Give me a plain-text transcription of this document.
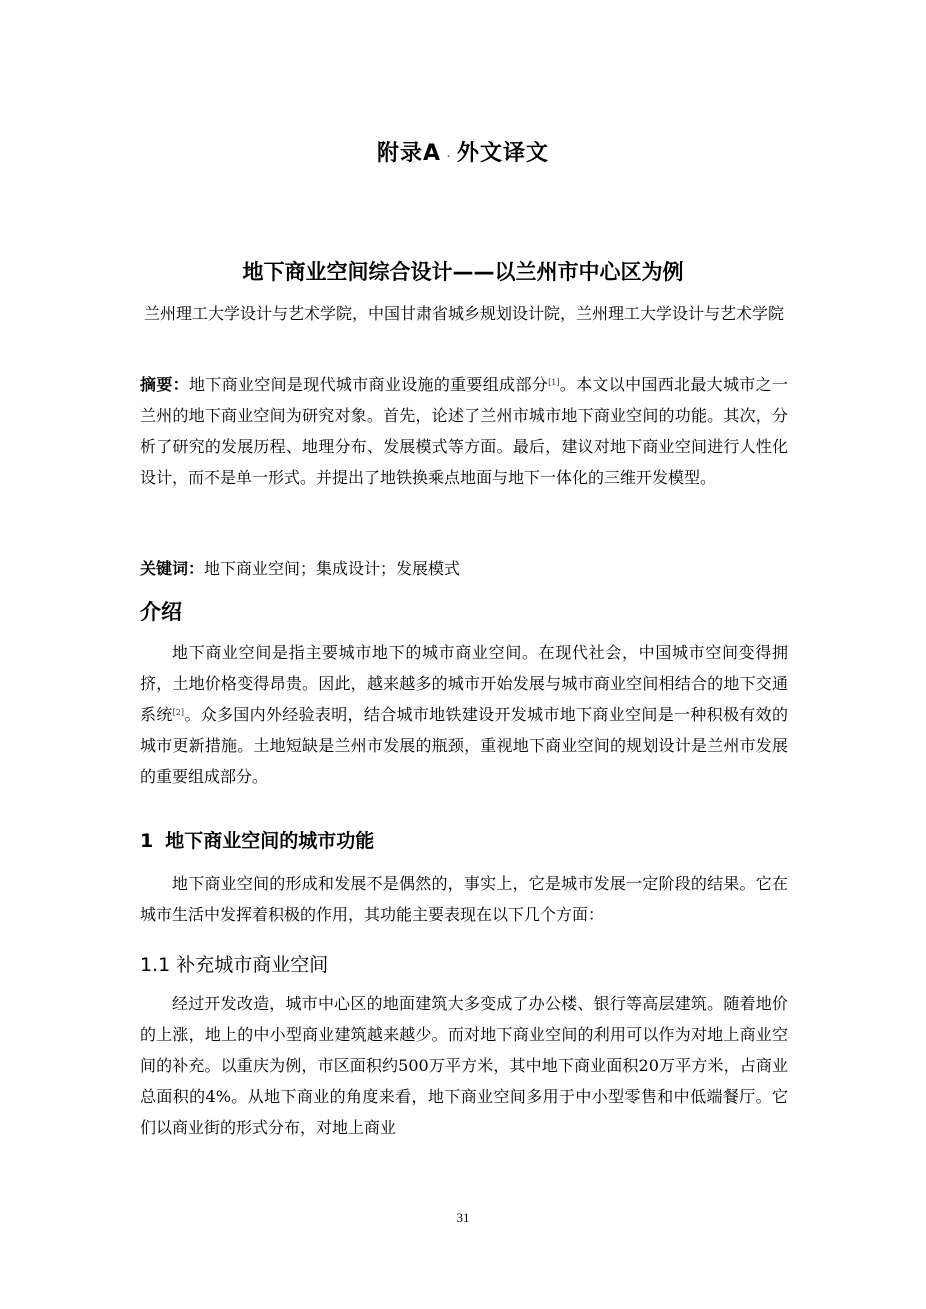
附录A . 外文译文
地下商业空间综合设计——以兰州市中心区为例
兰州理工大学设计与艺术学院，中国甘肃省城乡规划设计院，兰州理工大学设计与艺术学院
摘要：地下商业空间是现代城市商业设施的重要组成部分[1]。本文以中国西北最大城市之一兰州的地下商业空间为研究对象。首先，论述了兰州市城市地下商业空间的功能。其次，分析了研究的发展历程、地理分布、发展模式等方面。最后，建议对地下商业空间进行人性化设计，而不是单一形式。并提出了地铁换乘点地面与地下一体化的三维开发模型。
关键词：地下商业空间；集成设计；发展模式
介绍
地下商业空间是指主要城市地下的城市商业空间。在现代社会，中国城市空间变得拥挤，土地价格变得昂贵。因此，越来越多的城市开始发展与城市商业空间相结合的地下交通系统[2]。众多国内外经验表明，结合城市地铁建设开发城市地下商业空间是一种积极有效的城市更新措施。土地短缺是兰州市发展的瓶颈，重视地下商业空间的规划设计是兰州市发展的重要组成部分。
1 地下商业空间的城市功能
地下商业空间的形成和发展不是偶然的，事实上，它是城市发展一定阶段的结果。它在城市生活中发挥着积极的作用，其功能主要表现在以下几个方面：
1.1 补充城市商业空间
经过开发改造，城市中心区的地面建筑大多变成了办公楼、银行等高层建筑。随着地价的上涨，地上的中小型商业建筑越来越少。而对地下商业空间的利用可以作为对地上商业空间的补充。以重庆为例，市区面积约500万平方米，其中地下商业面积20万平方米，占商业总面积的4%。从地下商业的角度来看，地下商业空间多用于中小型零售和中低端餐厅。它们以商业街的形式分布，对地上商业
31
